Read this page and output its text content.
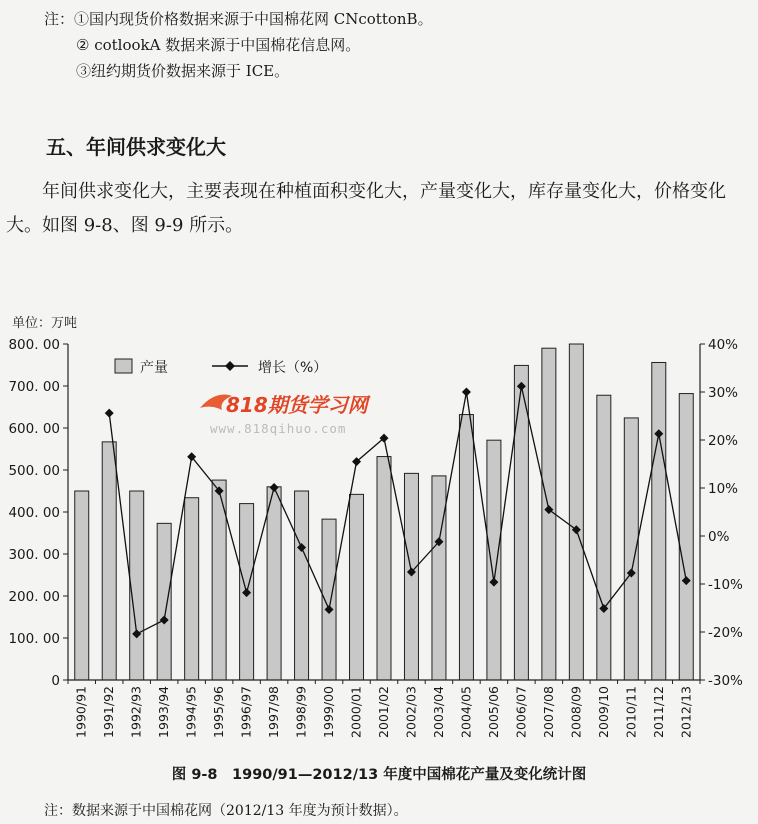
注：①国内现货价格数据来源于中国棉花网 CNcottonB。
② cotlookA 数据来源于中国棉花信息网。
③纽约期货价数据来源于 ICE。
五、年间供求变化大
年间供求变化大，主要表现在种植面积变化大，产量变化大，库存量变化大，价格变化大。如图 9-8、图 9-9 所示。
单位：万吨
0
100. 00
200. 00
300. 00
400. 00
500. 00
600. 00
700. 00
800. 00
-30%
-20%
-10%
0%
10%
20%
30%
40%
1990/91 1991/92 1992/93 1993/94 1994/95 1995/96 1996/97 1997/98 1998/99 1999/00 2000/01 2001/02 2002/03 2003/04 2004/05 2005/06 2006/07 2007/08 2008/09 2009/10 2010/11 2011/12 2012/13
产量	增长（%）
818期货学习网
www.818qihuo.com
图 9-8　1990/91—2012/13 年度中国棉花产量及变化统计图
注：数据来源于中国棉花网（2012/13 年度为预计数据）。
